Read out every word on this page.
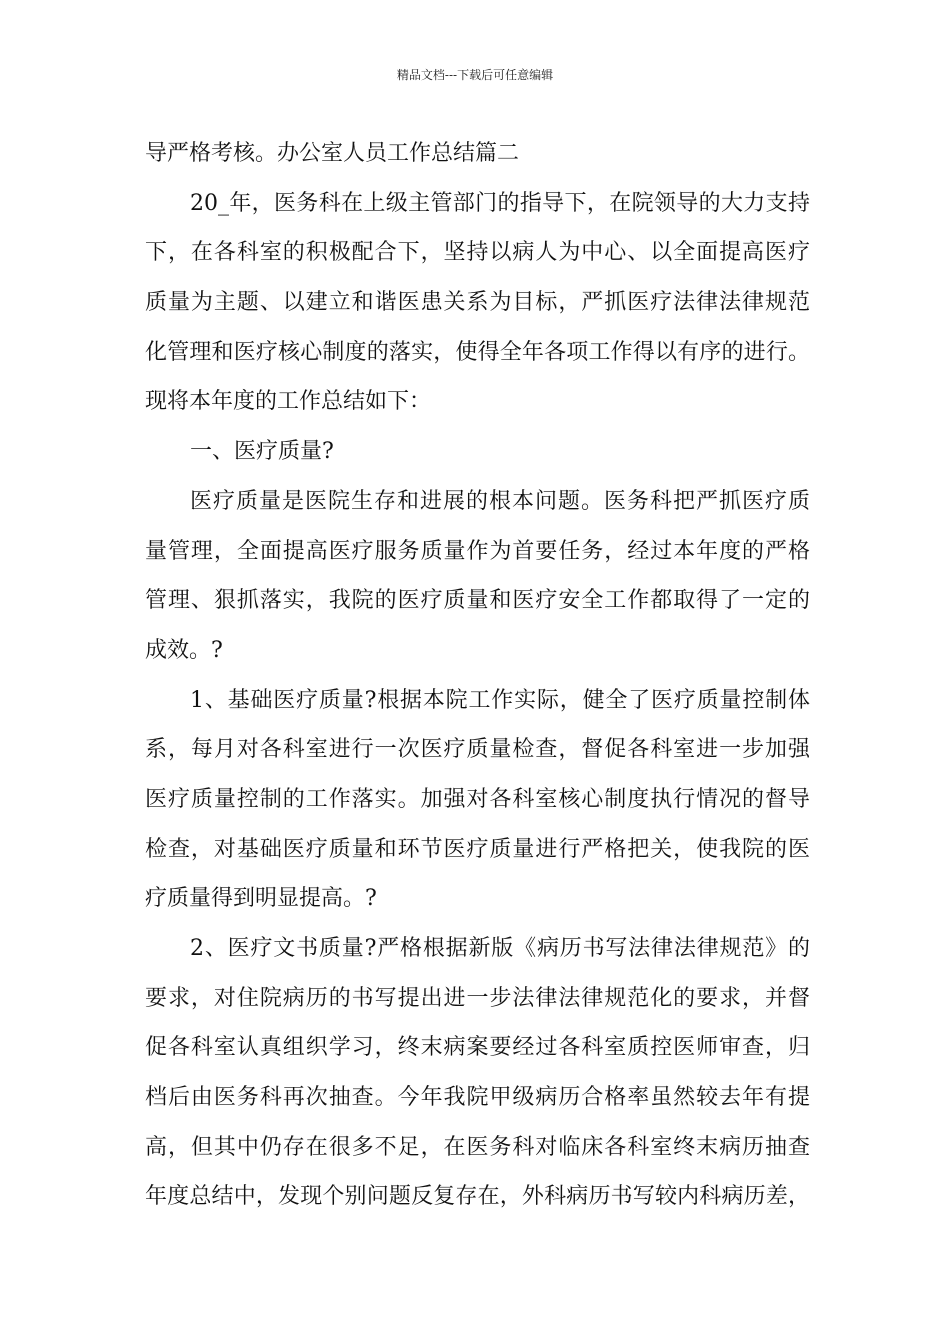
精品文档---下载后可任意编辑
导严格考核。办公室人员工作总结篇二
20_年，医务科在上级主管部门的指导下，在院领导的大力支持
下，在各科室的积极配合下，坚持以病人为中心、以全面提高医疗
质量为主题、以建立和谐医患关系为目标，严抓医疗法律法律规范
化管理和医疗核心制度的落实，使得全年各项工作得以有序的进行。
现将本年度的工作总结如下：
一、医疗质量?
医疗质量是医院生存和进展的根本问题。医务科把严抓医疗质
量管理，全面提高医疗服务质量作为首要任务，经过本年度的严格
管理、狠抓落实，我院的医疗质量和医疗安全工作都取得了一定的
成效。?
1、基础医疗质量?根据本院工作实际，健全了医疗质量控制体
系，每月对各科室进行一次医疗质量检查，督促各科室进一步加强
医疗质量控制的工作落实。加强对各科室核心制度执行情况的督导
检查，对基础医疗质量和环节医疗质量进行严格把关，使我院的医
疗质量得到明显提高。?
2、医疗文书质量?严格根据新版《病历书写法律法律规范》的
要求，对住院病历的书写提出进一步法律法律规范化的要求，并督
促各科室认真组织学习，终末病案要经过各科室质控医师审查，归
档后由医务科再次抽查。今年我院甲级病历合格率虽然较去年有提
高，但其中仍存在很多不足，在医务科对临床各科室终末病历抽查
年度总结中，发现个别问题反复存在，外科病历书写较内科病历差，
